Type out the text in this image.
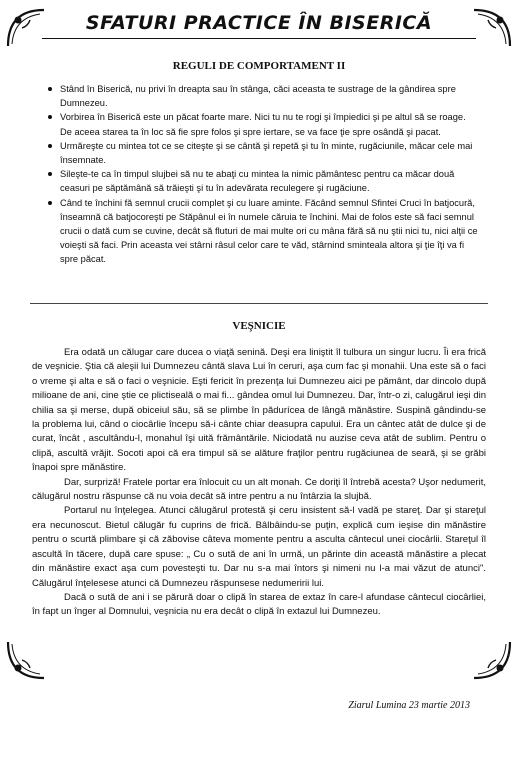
SFATURI PRACTICE ÎN BISERICĂ
REGULI DE COMPORTAMENT II
Stând în Biserică, nu privi în dreapta sau în stânga, căci aceasta te sustrage de la gândirea spre Dumnezeu.
Vorbirea în Biserică este un păcat foarte mare. Nici tu nu te rogi şi împiedici şi pe altul să se roage. De aceea starea ta în loc să fie spre folos şi spre iertare, se va face ţie spre osândă şi pacat.
Urmăreşte cu mintea tot ce se citeşte şi se cântă şi repetă şi tu în minte, rugăciunile, măcar cele mai însemnate.
Sileşte-te ca în timpul slujbei să nu te abaţi cu mintea la nimic pământesc pentru ca măcar două ceasuri pe săptămână să trăieşti şi tu în adevărata reculegere şi rugăciune.
Când te închini fă semnul crucii complet şi cu luare aminte. Făcând semnul Sfintei Cruci în batjocură, înseamnă că batjocoreşti pe Stăpânul ei în numele căruia te închini. Mai de folos este să faci semnul crucii o dată cum se cuvine, decât să fluturi de mai multe ori cu mâna fără să nu ştii nici tu, nici alţii ce voieşti să faci. Prin aceasta vei stârni râsul celor care te văd, stârnind sminteala altora şi ţie îţi va fi spre păcat.
VEŞNICIE

Era odată un călugar care ducea o viaţă senină. Deşi era liniştit îl tulbura un singur lucru. Îi era frică de veşnicie. Ştia că aleşii lui Dumnezeu cântă slava Lui în ceruri, aşa cum fac şi monahii. Una este să o faci o vreme şi alta e să o faci o veşnicie. Eşti fericit în prezenţa lui Dumnezeu aici pe pământ, dar dincolo după milioane de ani, cine ştie ce plictiseală o mai fi... gândea omul lui Dumnezeu. Dar, într-o zi, calugărul ieşi din chilia sa şi merse, după obiceiul său, să se plimbe în pădurícea de lângă mănăstire. Suspină gândindu-se la problema lui, când o ciocârlie începu să-i cânte chiar deasupra capului. Era un cântec atât de dulce şi de curat, încât , ascultându-l, monahul îşi uită frământările. Niciodată nu auzise ceva atât de sublim. Pentru o clipă, ascultă vrăjit. Socoti apoi că era timpul să se alăture fraţilor pentru rugăciunea de seară, şi se grăbi înapoi spre mănăstire.

Dar, surpriză! Fratele portar era înlocuit cu un alt monah. Ce doriţi îl întrebă acesta? Uşor nedumerit, călugărul nostru răspunse că nu voia decât să intre pentru a nu întârzia la slujbă.

Portarul nu înţelegea. Atunci călugărul protestă şi ceru insistent să-l vadă pe stareţ. Dar şi stareţul era necunoscut. Bietul călugăr fu cuprins de frică. Bâlbâindu-se puţin, explică cum ieşise din mănăstire pentru o scurtă plimbare şi că zăbovise câteva momente pentru a asculta cântecul unei ciocârlii. Stareţul îl ascultă în tăcere, după care spuse: „ Cu o sută de ani în urmă, un părinte din această mănăstire a plecat din mănăstire exact aşa cum povesteşti tu. Dar nu s-a mai întors şi nimeni nu l-a mai văzut de atunci". Călugărul înţelesese atunci că Dumnezeu răspunsese nedumeririi lui.

Dacă o sută de ani i se părură doar o clipă în starea de extaz în care-l afundase cântecul ciocârliei, în fapt un înger al Domnului, veşnicia nu era decât o clipă în extazul lui Dumnezeu.

Ziarul Lumina 23 martie 2013
